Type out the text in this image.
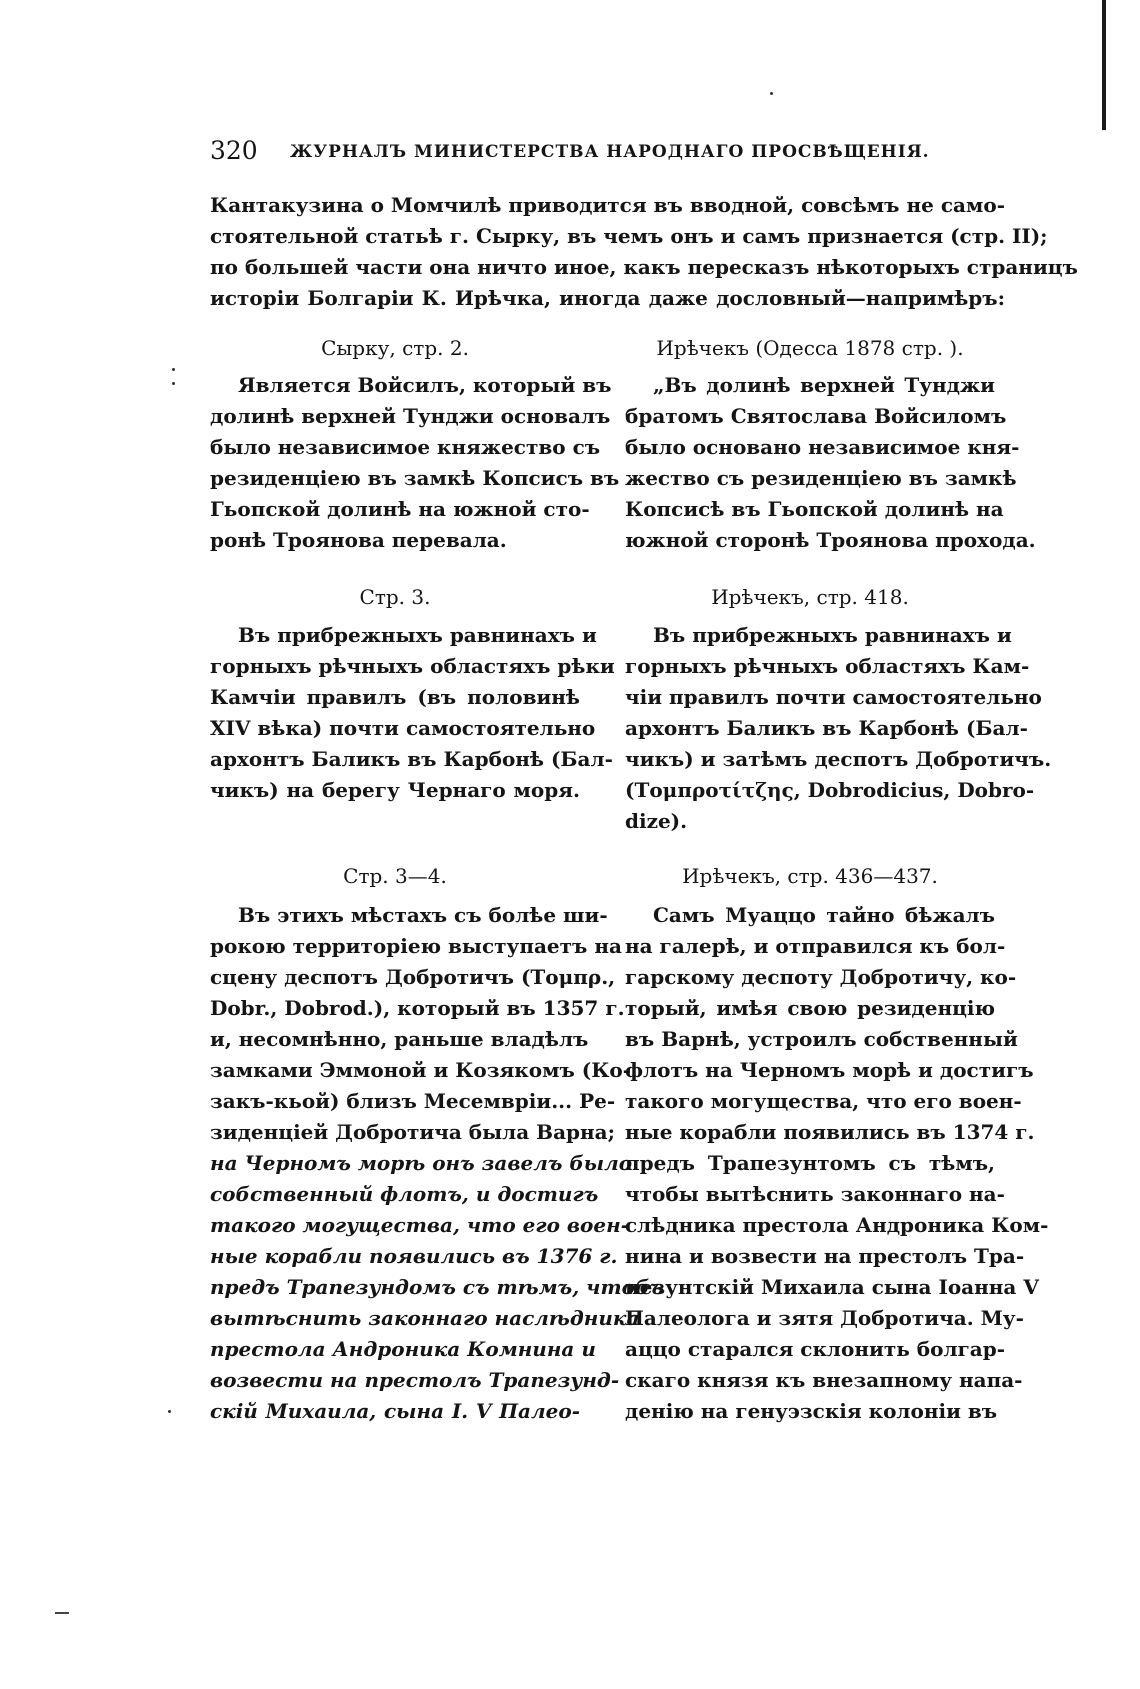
320 ЖУРНАЛЪ МИНИСТЕРСТВА НАРОДНАГО ПРОСВѢЩЕНІЯ.
Кантакузина о Момчилѣ приводится въ вводной, совсѣмъ не само-
стоятельной статьѣ г. Сырку, въ чемъ онъ и самъ признается (стр. II);
по большей части она ничто иное, какъ пересказъ нѣкоторыхъ страницъ
исторіи Болгаріи К. Ирѣчка, иногда даже дословный—напримѣръ:
Сырку, стр. 2.
Является Войсилъ, который въ
долинѣ верхней Тунджи основалъ
было независимое княжество съ
резиденціею въ замкѣ Копсисъ въ
Гьопской долинѣ на южной сто-
ронѣ Троянова перевала.
Стр. 3.
Въ прибрежныхъ равнинахъ и
горныхъ рѣчныхъ областяхъ рѣки
Камчіи правилъ (въ половинѣ
XIV вѣка) почти самостоятельно
архонтъ Баликъ въ Карбонѣ (Бал-
чикъ) на берегу Чернаго моря.
Стр. 3—4.
Въ этихъ мѣстахъ съ болѣе ши-
рокою территоріею выступаетъ на
сцену деспотъ Добротичъ (Τομπρ.,
Dobr., Dobrod.), который въ 1357 г.
и, несомнѣнно, раньше владѣлъ
замками Эммоной и Козякомъ (Ко-
закъ-кьой) близъ Месемвріи... Ре-
зиденціей Добротича была Варна;
на Черномъ морѣ онъ завелъ было
собственный флотъ, и достигъ
такого могущества, что его воен-
ные корабли появились въ 1376 г.
предъ Трапезундомъ съ тѣмъ, чтобъ
вытѣснить законнаго наслѣдника
престола Андроника Комнина и
возвести на престолъ Трапезунд-
скій Михаила, сына І. V Палео-
Ирѣчекъ (Одесса 1878 стр. ).
„Въ долинѣ верхней Тунджи
братомъ Святослава Войсиломъ
было основано независимое кня-
жество съ резиденціею въ замкѣ
Копсисѣ въ Гьопской долинѣ на
южной сторонѣ Троянова прохода.
Ирѣчекъ, стр. 418.
Въ прибрежныхъ равнинахъ и
горныхъ рѣчныхъ областяхъ Кам-
чіи правилъ почти самостоятельно
архонтъ Баликъ въ Карбонѣ (Бал-
чикъ) и затѣмъ деспотъ Добротичъ.
(Τομπροτίτζης, Dobrodicius, Dobro-
dize).
Ирѣчекъ, стр. 436—437.
Самъ Муаццо тайно бѣжалъ
на галерѣ, и отправился къ бол-
гарскому деспоту Добротичу, ко-
торый, имѣя свою резиденцію
въ Варнѣ, устроилъ собственный
флотъ на Черномъ морѣ и достигъ
такого могущества, что его воен-
ные корабли появились въ 1374 г.
предъ Трапезунтомъ съ тѣмъ,
чтобы вытѣснить законнаго на-
слѣдника престола Андроника Ком-
нина и возвести на престолъ Тра-
пезунтскій Михаила сына Іоанна V
Палеолога и зятя Добротича. Му-
аццо старался склонить болгар-
скаго князя къ внезапному напа-
денію на генуэзскія колоніи въ
